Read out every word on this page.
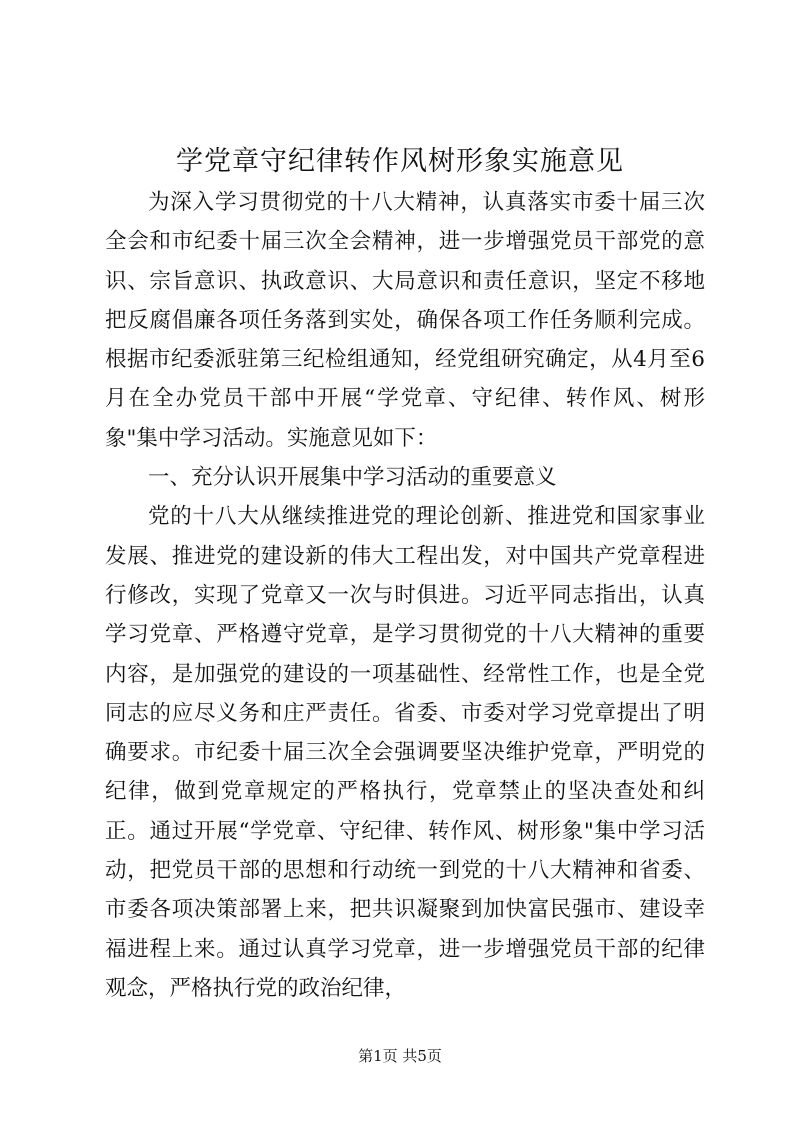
学党章守纪律转作风树形象实施意见

为深入学习贯彻党的十八大精神，认真落实市委十届三次全会和市纪委十届三次全会精神，进一步增强党员干部党的意识、宗旨意识、执政意识、大局意识和责任意识，坚定不移地把反腐倡廉各项任务落到实处，确保各项工作任务顺利完成。根据市纪委派驻第三纪检组通知，经党组研究确定，从4月至6月在全办党员干部中开展“学党章、守纪律、转作风、树形象"集中学习活动。实施意见如下：

一、充分认识开展集中学习活动的重要意义

党的十八大从继续推进党的理论创新、推进党和国家事业发展、推进党的建设新的伟大工程出发，对中国共产党章程进行修改，实现了党章又一次与时俱进。习近平同志指出，认真学习党章、严格遵守党章，是学习贯彻党的十八大精神的重要内容，是加强党的建设的一项基础性、经常性工作，也是全党同志的应尽义务和庄严责任。省委、市委对学习党章提出了明确要求。市纪委十届三次全会强调要坚决维护党章，严明党的纪律，做到党章规定的严格执行，党章禁止的坚决查处和纠正。通过开展“学党章、守纪律、转作风、树形象"集中学习活动，把党员干部的思想和行动统一到党的十八大精神和省委、市委各项决策部署上来，把共识凝聚到加快富民强市、建设幸福进程上来。通过认真学习党章，进一步增强党员干部的纪律观念，严格执行党的政治纪律，

第1页 共5页
